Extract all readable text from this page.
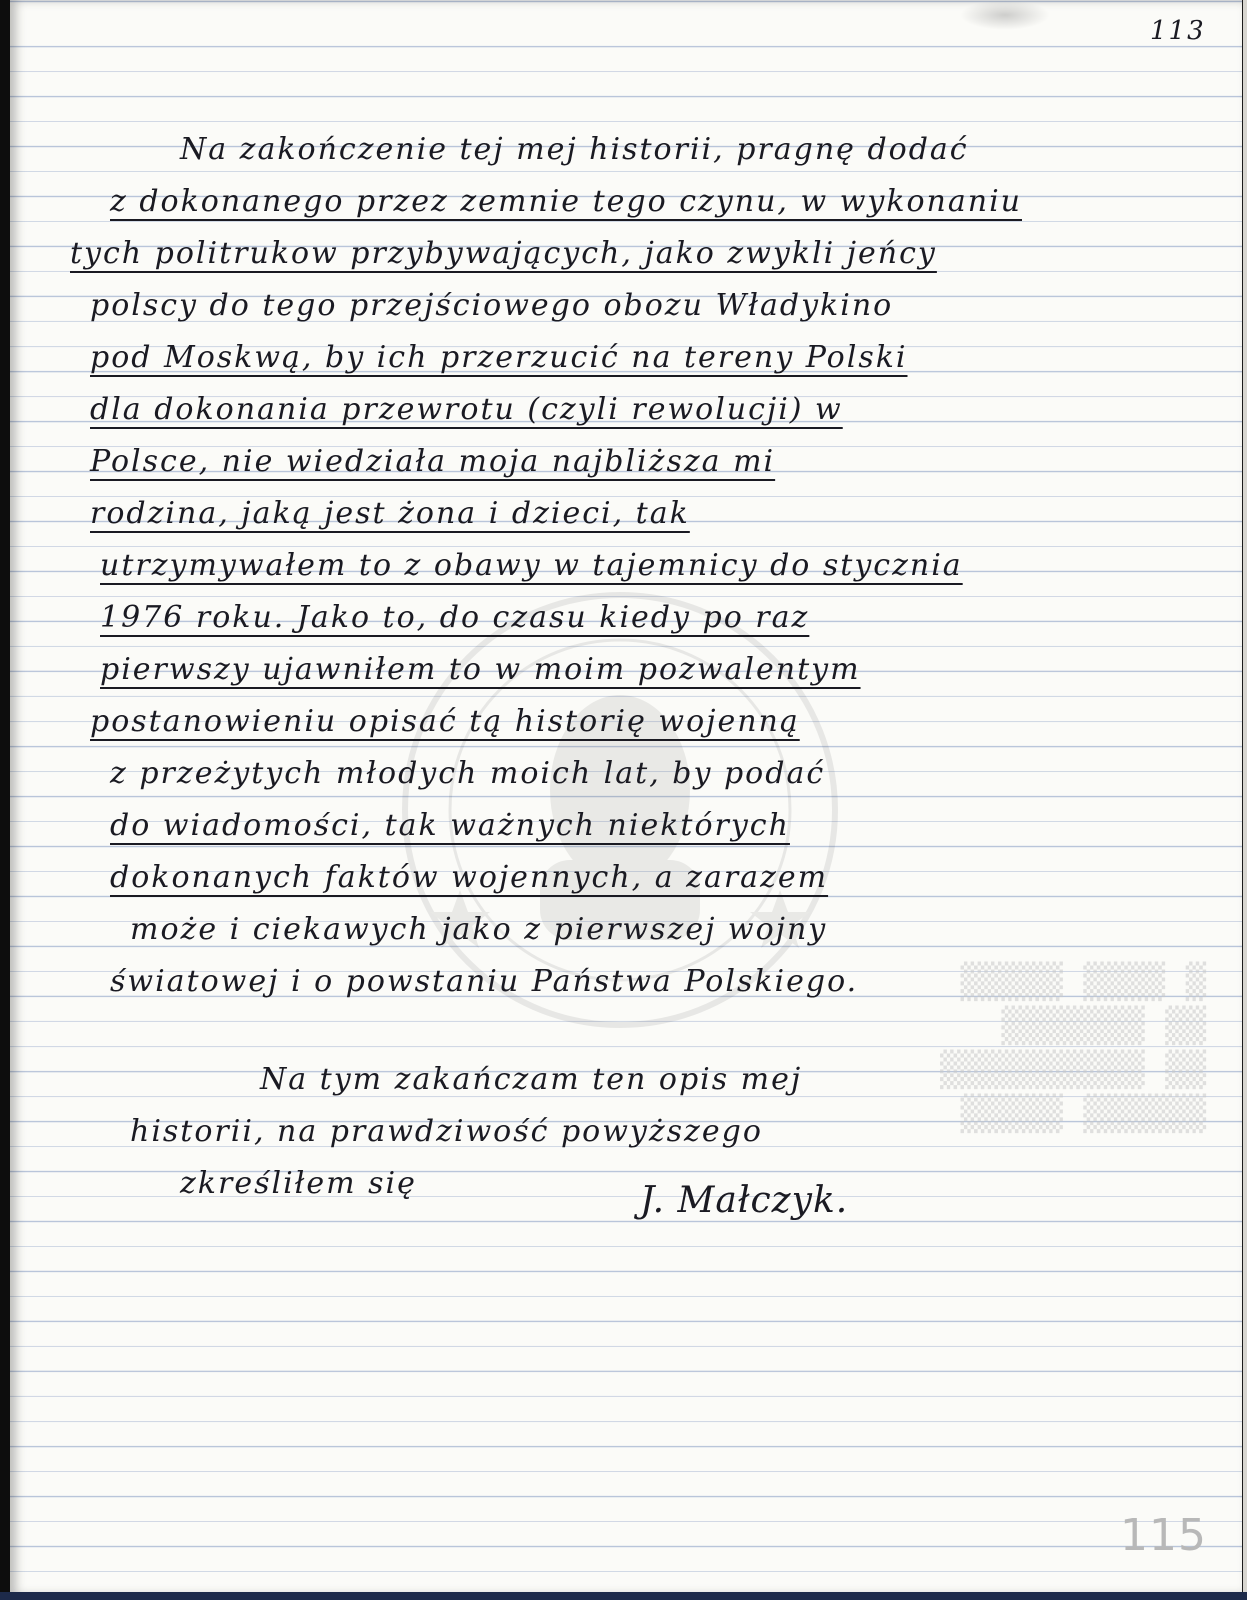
113
▒ ▒▒▒▒ ▒▒▒▒▒
▒▒ ▒▒▒▒▒▒▒
▒▒ ▒▒▒▒▒▒▒▒▒▒
▒▒▒▒▒▒ ▒▒▒▒▒
Na zakończenie tej mej historii, pragnę dodać
z dokonanego przez zemnie tego czynu, w wykonaniu
tych politrukow przybywających, jako zwykli jeńcy
polscy do tego przejściowego obozu Władykino
pod Moskwą, by ich przerzucić na tereny Polski
dla dokonania przewrotu (czyli rewolucji) w
Polsce, nie wiedziała moja najbliższa mi
rodzina, jaką jest żona i dzieci, tak
utrzymywałem to z obawy w tajemnicy do stycznia
1976 roku. Jako to, do czasu kiedy po raz
pierwszy ujawniłem to w moim pozwalentym
postanowieniu opisać tą historię wojenną
z przeżytych młodych moich lat, by podać
do wiadomości, tak ważnych niektórych
dokonanych faktów wojennych, a zarazem
może i ciekawych jako z pierwszej wojny
światowej i o powstaniu Państwa Polskiego.
Na tym zakańczam ten opis mej
historii, na prawdziwość powyższego
zkreśliłem się	J. Małczyk.
115
